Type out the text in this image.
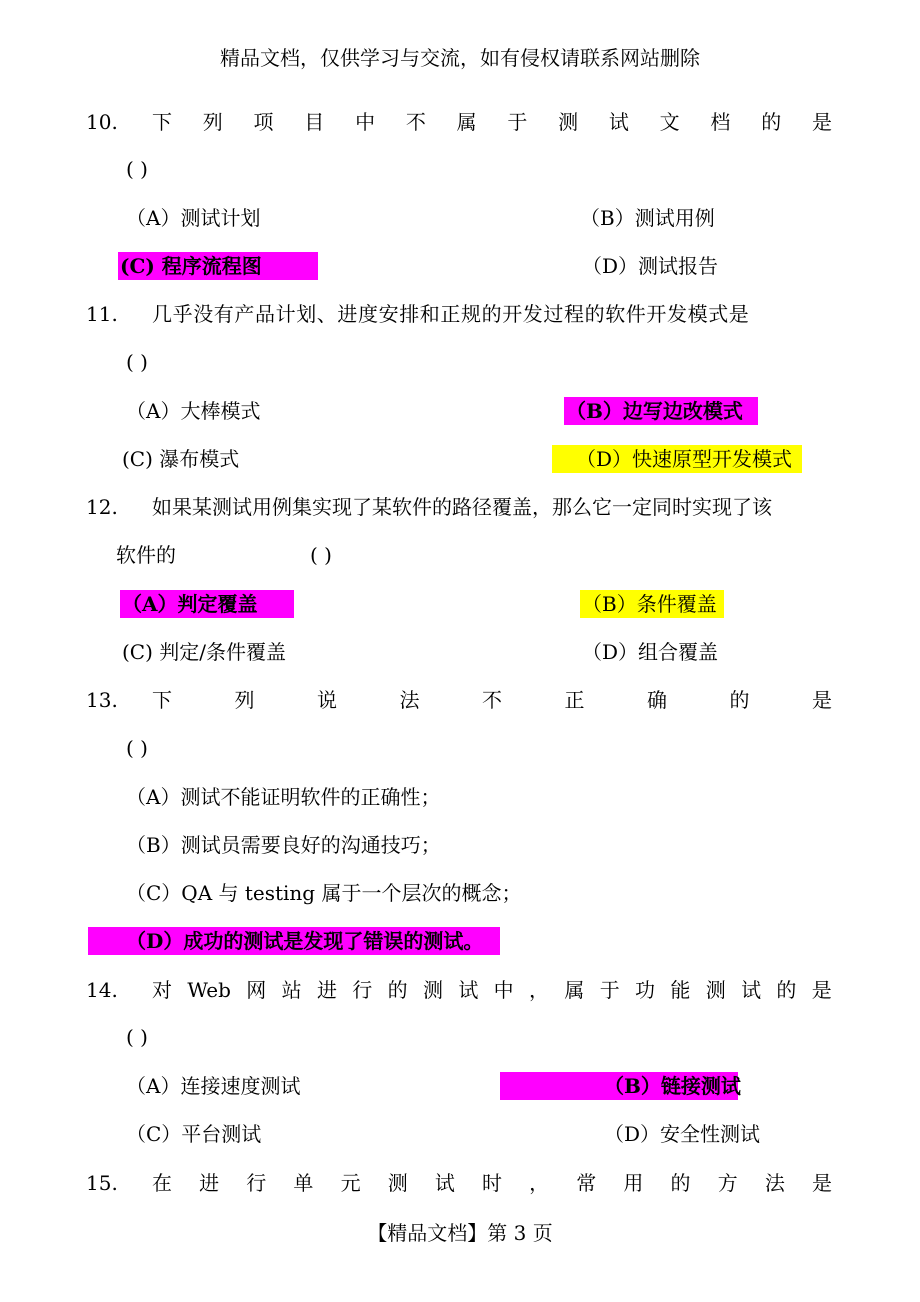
精品文档，仅供学习与交流，如有侵权请联系网站删除
10. 下 列 项 目 中 不 属 于 测 试 文 档 的 是
( )
（A）测试计划	（B）测试用例
(C) 程序流程图	（D）测试报告
11. 几乎没有产品计划、进度安排和正规的开发过程的软件开发模式是
( )
（A）大棒模式	（B）边写边改模式
(C) 瀑布模式	（D）快速原型开发模式
12. 如果某测试用例集实现了某软件的路径覆盖，那么它一定同时实现了该
软件的	( )
（A）判定覆盖	（B）条件覆盖
(C) 判定/条件覆盖	（D）组合覆盖
13. 下	列	说	法	不	正	确	的	是
( )
（A）测试不能证明软件的正确性；
（B）测试员需要良好的沟通技巧；
（C）QA 与 testing 属于一个层次的概念；
（D）成功的测试是发现了错误的测试。
14. 对 Web 网 站 进 行 的 测 试 中 ， 属 于 功 能 测 试 的 是
( )
（A）连接速度测试	（B）链接测试
（C）平台测试	（D）安全性测试
15. 在 进 行 单 元 测 试 时 ， 常 用 的 方 法 是
【精品文档】第 3 页
